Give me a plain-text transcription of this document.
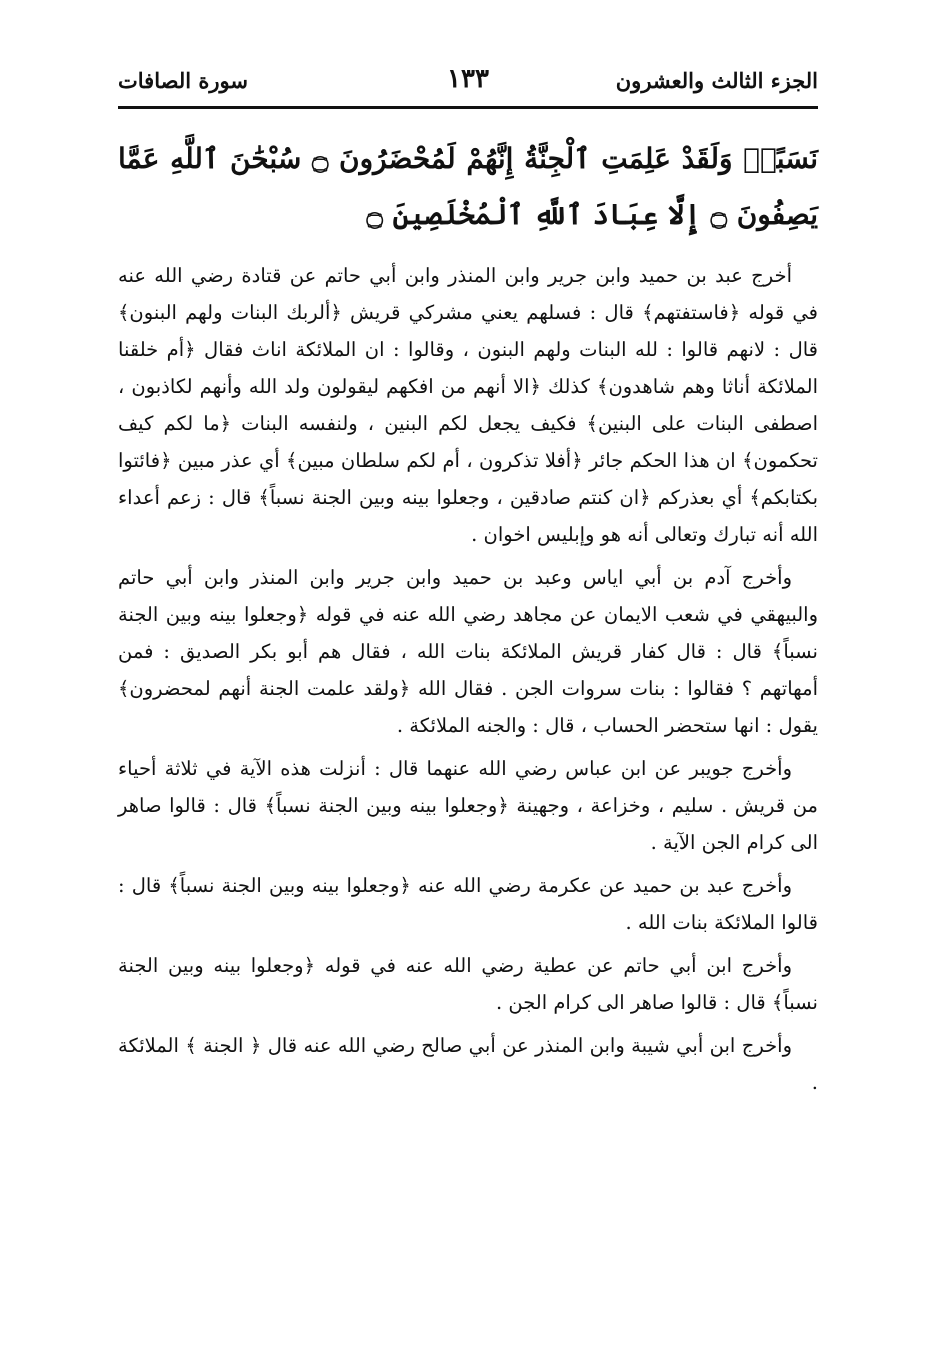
الجزء الثالث والعشرون
١٣٣
سورة الصافات
نَسَبًاۚ وَلَقَدْ عَلِمَتِ ٱلْجِنَّةُ إِنَّهُمْ لَمُحْضَرُونَ ۝ سُبْحَٰنَ ٱللَّهِ عَمَّا يَصِفُونَ ۝ إِلَّا عِبَادَ ٱللَّهِ ٱلْمُخْلَصِينَ ۝

أخرج عبد بن حميد وابن جرير وابن المنذر وابن أبي حاتم عن قتادة رضي الله عنه في قوله ﴿فاستفتهم﴾ قال : فسلهم يعني مشركي قريش ﴿ألربك البنات ولهم البنون﴾ قال : لانهم قالوا : لله البنات ولهم البنون ، وقالوا : ان الملائكة اناث فقال ﴿أم خلقنا الملائكة أناثا وهم شاهدون﴾ كذلك ﴿الا أنهم من افكهم ليقولون ولد الله وأنهم لكاذبون ، اصطفى البنات على البنين﴾ فكيف يجعل لكم البنين ، ولنفسه البنات ﴿ما لكم كيف تحكمون﴾ ان هذا الحكم جائر ﴿أفلا تذكرون ، أم لكم سلطان مبين﴾ أي عذر مبين ﴿فائتوا بكتابكم﴾ أي بعذركم ﴿ان كنتم صادقين ، وجعلوا بينه وبين الجنة نسباً﴾ قال : زعم أعداء الله أنه تبارك وتعالى أنه هو وإبليس اخوان .

وأخرج آدم بن أبي اياس وعبد بن حميد وابن جرير وابن المنذر وابن أبي حاتم والبيهقي في شعب الايمان عن مجاهد رضي الله عنه في قوله ﴿وجعلوا بينه وبين الجنة نسباً﴾ قال : قال كفار قريش الملائكة بنات الله ، فقال هم أبو بكر الصديق : فمن أمهاتهم ؟ فقالوا : بنات سروات الجن . فقال الله ﴿ولقد علمت الجنة أنهم لمحضرون﴾ يقول : انها ستحضر الحساب ، قال : والجنه الملائكة .

وأخرج جويبر عن ابن عباس رضي الله عنهما قال : أنزلت هذه الآية في ثلاثة أحياء من قريش . سليم ، وخزاعة ، وجهينة ﴿وجعلوا بينه وبين الجنة نسباً﴾ قال : قالوا صاهر الى كرام الجن الآية .

وأخرج عبد بن حميد عن عكرمة رضي الله عنه ﴿وجعلوا بينه وبين الجنة نسباً﴾ قال : قالوا الملائكة بنات الله .

وأخرج ابن أبي حاتم عن عطية رضي الله عنه في قوله ﴿وجعلوا بينه وبين الجنة نسباً﴾ قال : قالوا صاهر الى كرام الجن .

وأخرج ابن أبي شيبة وابن المنذر عن أبي صالح رضي الله عنه قال ﴿ الجنة ﴾ الملائكة .
